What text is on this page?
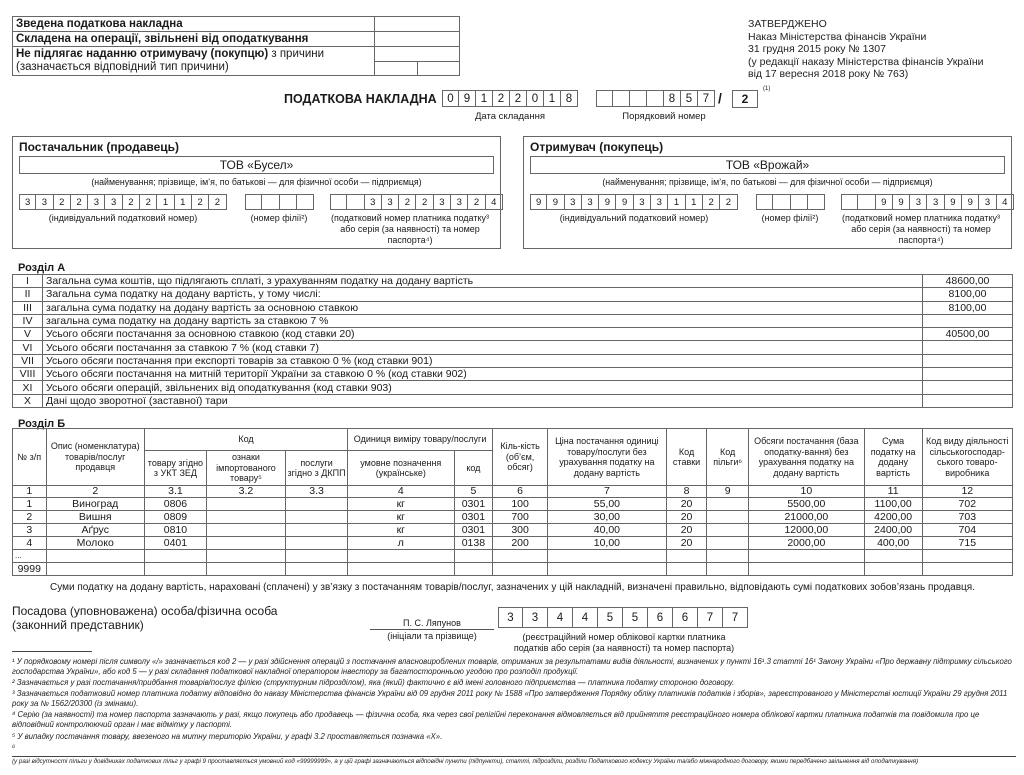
Зведена податкова накладна		
Складена на операції, звільнені від оподаткування		
Не підлягає наданню отримувачу (покупцю) з причини
(зазначається відповідний тип причини)		

ЗАТВЕРДЖЕНО
Наказ Міністерства фінансів України
31 грудня 2015 року № 1307
(у редакції наказу Міністерства фінансів України
від 17 вересня 2018 року № 763)
ПОДАТКОВА НАКЛАДНА 0 9 1 2 2 0 1 8
Дата складання
8 5 7
Порядковий номер
/	2
(1)
Постачальник (продавець)
ТОВ «Бусел»
(найменування; прізвище, ім’я, по батькові — для фізичної особи — підприємця)
3	3	2	2	3	3	2	2	1	1	2	2	3	3	2	2	3	3	2	4
(індивідуальний податковий номер)	(номер філії²)	(податковий номер платника податку³ або серія (за наявності) та номер паспорта⁴)
Отримувач (покупець)
ТОВ «Врожай»
(найменування; прізвище, ім’я, по батькові — для фізичної особи — підприємця)
9	9	3	3	9	9	3	3	1	1	2	2	9	9	3	3	9	9	3	4
(індивідуальний податковий номер)	(номер філії²)	(податковий номер платника податку³ або серія (за наявності) та номер паспорта⁴)
Розділ А
I	Загальна сума коштів, що підлягають сплаті, з урахуванням податку на додану вартість	48600,00
II	Загальна сума податку на додану вартість, у тому числі:	8100,00
III	загальна сума податку на додану вартість за основною ставкою	8100,00
IV	загальна сума податку на додану вартість за ставкою 7 %	
V	Усього обсяги постачання за основною ставкою (код ставки 20)	40500,00
VI	Усього обсяги постачання за ставкою 7 % (код ставки 7)	
VII	Усього обсяги постачання при експорті товарів за ставкою 0 % (код ставки 901)	
VIII	Усього обсяги постачання на митній території України за ставкою 0 % (код ставки 902)	
XI	Усього обсяги операцій, звільнених від оподаткування (код ставки 903)	
X	Дані щодо зворотної (заставної) тари	
Розділ Б
№ з/п	Опис (номенклатура) товарів/послуг продавця	Код			Одиниця виміру товару/послуги		Кіль-кість (об’єм, обсяг)	Ціна постачання одиниці товару/послуги без урахування податку на додану вартість	Код ставки	Код пільги⁶	Обсяги постачання (база оподатку-вання) без урахування податку на додану вартість	Сума податку на додану вартість	Код виду діяльності сільськогосподар-ського товаро-виробника
		товару згідно з УКТ ЗЕД	ознаки імпортованого товару⁵	послуги згідно з ДКПП	умовне позначення (українське)	код							
1	2	3.1	3.2	3.3	4	5	6	7	8	9	10	11	12
1	Виноград	0806			кг	0301	100	55,00	20		5500,00	1100,00	702
2	Вишня	0809			кг	0301	700	30,00	20		21000,00	4200,00	703
3	Аґрус	0810			кг	0301	300	40,00	20		12000,00	2400,00	704
4	Молоко	0401			л	0138	200	10,00	20		2000,00	400,00	715
...													
9999													
Суми податку на додану вартість, нараховані (сплачені) у зв’язку з постачанням товарів/послуг, зазначених у цій накладній, визначені правильно, відповідають сумі податкових зобов’язань продавця.
Посадова (уповноважена) особа/фізична особа
(законний представник)	П. С. Ляпунов
(ініціали та прізвище)
3	3	4	4	5	5	6	6	7	7
(реєстраційний номер облікової картки платника
податків або серія (за наявності) та номер паспорта)

¹ У порядковому номері після символу «/» зазначається код 2 — у разі здійснення операцій з постачання власновироблених товарів, отриманих за результатами видів діяльності, визначених у пункті 16¹.3 статті 16¹ Закону України «Про державну підтримку сільського господарства України», або код 5 — у разі складання податкової накладної оператором інвестору за багатосторонньою угодою про розподіл продукції.

² Зазначається у разі постачання/придбання товарів/послуг філією (структурним підрозділом), яка (який) фактично є від імені головного підприємства — платника податку стороною договору.

³ Зазначається податковий номер платника податку відповідно до наказу Міністерства фінансів України від 09 грудня 2011 року № 1588 «Про затвердження Порядку обліку платників податків і зборів», зареєстрованого у Міністерстві юстиції України 29 грудня 2011 року за № 1562/20300 (із змінами).

⁴ Серію (за наявності) та номер паспорта зазначають у разі, якщо покупець або продавець — фізична особа, яка через свої релігійні переконання відмовляється від прийняття реєстраційного номера облікової картки платника податків та повідомила про це відповідний контролюючий орган і має відмітку у паспорті.

⁵ У випадку постачання товару, ввезеного на митну територію України, у графі 3.2 проставляється позначка «Х».

⁶

(у разі відсутності пільги у довідниках податкових пільг у графі 9 проставляється умовний код «99999999», а у цій графі зазначаються відповідні пункти (підпункти), статті, підрозділи, розділи Податкового кодексу України та/або міжнародного договору, якими передбачено звільнення від оподаткування)
